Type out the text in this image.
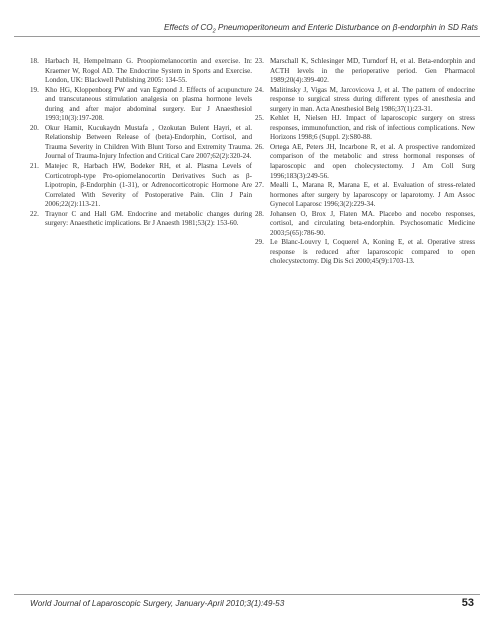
Effects of $CO_2$ Pneumoperitoneum and Enteric Disturbance on β-endorphin in SD Rats
18. Harbach H, Hempelmann G. Proopiomelanocortin and exercise. In: Kraemer W, Rogol AD. The Endocrine System in Sports and Exercise. London, UK: Blackwell Publishing 2005: 134-55.
19. Kho HG, Kloppenborg PW and van Egmond J. Effects of acupuncture and transcutaneous stimulation analgesia on plasma hormone levels during and after major abdominal surgery. Eur J Anaesthesiol 1993;10(3):197-208.
20. Okur Hamit, Kucukaydn Mustafa , Ozokutan Bulent Hayri, et al. Relationship Between Release of (beta)-Endorphin, Cortisol, and Trauma Severity in Children With Blunt Torso and Extremity Trauma. Journal of Trauma-Injury Infection and Critical Care 2007;62(2):320-24.
21. Matejec R, Harbach HW, Bodeker RH, et al. Plasma Levels of Corticotroph-type Pro-opiomelanocortin Derivatives Such as β-Lipotropin, β-Endorphin (1-31), or Adrenocorticotropic Hormone Are Correlated With Severity of Postoperative Pain. Clin J Pain 2006;22(2):113-21.
22. Traynor C and Hall GM. Endocrine and metabolic changes during surgery: Anaesthetic implications. Br J Anaesth 1981;53(2): 153-60.
23. Marschall K, Schlesinger MD, Turndorf H, et al. Beta-endorphin and ACTH levels in the perioperative period. Gen Pharmacol 1989;20(4):399-402.
24. Malitinsky J, Vigas M, Jarcovicova J, et al. The pattern of endocrine response to surgical stress during different types of anesthesia and surgery in man. Acta Anesthesiol Belg 1986;37(1):23-31.
25. Kehlet H, Nielsen HJ. Impact of laparoscopic surgery on stress responses, immunofunction, and risk of infectious complications. New Horizons 1998;6 (Suppl. 2):S80-88.
26. Ortega AE, Peters JH, Incarbone R, et al. A prospective randomized comparison of the metabolic and stress hormonal responses of laparoscopic and open cholecystectomy. J Am Coll Surg 1996;183(3):249-56.
27. Mealli L, Marana R, Marana E, et al. Evaluation of stress-related hormones after surgery by laparoscopy or laparotomy. J Am Assoc Gynecol Laparosc 1996;3(2):229-34.
28. Johansen O, Brox J, Flaten MA. Placebo and nocebo responses, cortisol, and circulating beta-endorphin. Psychosomatic Medicine 2003;5(65):786-90.
29. Le Blanc-Louvry I, Coquerel A, Koning E, et al. Operative stress response is reduced after laparoscopic compared to open cholecystectomy. Dig Dis Sci 2000;45(9):1703-13.
World Journal of Laparoscopic Surgery, January-April 2010;3(1):49-53	53
